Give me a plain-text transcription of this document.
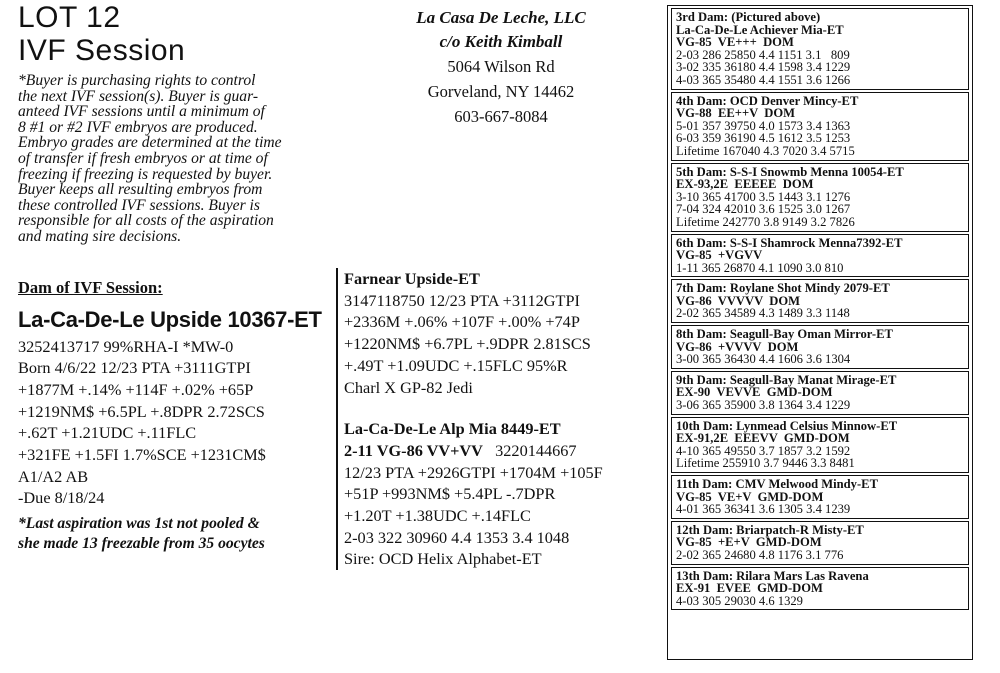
LOT 12
IVF Session
*Buyer is purchasing rights to control
the next IVF session(s). Buyer is guar-
anteed IVF sessions until a minimum of
8 #1 or #2 IVF embryos are produced.
Embryo grades are determined at the time
of transfer if fresh embryos or at time of
freezing if freezing is requested by buyer.
Buyer keeps all resulting embryos from
these controlled IVF sessions. Buyer is
responsible for all costs of the aspiration
and mating sire decisions.
Dam of IVF Session:
La-Ca-De-Le Upside 10367-ET
3252413717 99%RHA-I *MW-0
Born 4/6/22 12/23 PTA +3111GTPI
+1877M +.14% +114F +.02% +65P
+1219NM$ +6.5PL +.8DPR 2.72SCS
+.62T +1.21UDC +.11FLC
+321FE +1.5FI 1.7%SCE +1231CM$
A1/A2 AB
-Due 8/18/24
*Last aspiration was 1st not pooled &
she made 13 freezable from 35 oocytes
La Casa De Leche, LLC
c/o Keith Kimball
5064 Wilson Rd
Gorveland, NY 14462
603-667-8084
Farnear Upside-ET
3147118750 12/23 PTA +3112GTPI
+2336M +.06% +107F +.00% +74P
+1220NM$ +6.7PL +.9DPR 2.81SCS
+.49T +1.09UDC +.15FLC 95%R
Charl X GP-82 Jedi
La-Ca-De-Le Alp Mia 8449-ET
2-11 VG-86 VV+VV   3220144667
12/23 PTA +2926GTPI +1704M +105F
+51P +993NM$ +5.4PL -.7DPR
+1.20T +1.38UDC +.14FLC
2-03 322 30960 4.4 1353 3.4 1048
Sire: OCD Helix Alphabet-ET
3rd Dam: (Pictured above)
La-Ca-De-Le Achiever Mia-ET
VG-85  VE+++  DOM
2-03 286 25850 4.4 1151 3.1   809
3-02 335 36180 4.4 1598 3.4 1229
4-03 365 35480 4.4 1551 3.6 1266
4th Dam: OCD Denver Mincy-ET
VG-88  EE++V  DOM
5-01 357 39750 4.0 1573 3.4 1363
6-03 359 36190 4.5 1612 3.5 1253
Lifetime 167040 4.3 7020 3.4 5715
5th Dam: S-S-I Snowmb Menna 10054-ET
EX-93,2E  EEEEE  DOM
3-10 365 41700 3.5 1443 3.1 1276
7-04 324 42010 3.6 1525 3.0 1267
Lifetime 242770 3.8 9149 3.2 7826
6th Dam: S-S-I Shamrock Menna7392-ET
VG-85  +VGVV
1-11 365 26870 4.1 1090 3.0 810
7th Dam: Roylane Shot Mindy 2079-ET
VG-86  VVVVV  DOM
2-02 365 34589 4.3 1489 3.3 1148
8th Dam: Seagull-Bay Oman Mirror-ET
VG-86  +VVVV  DOM
3-00 365 36430 4.4 1606 3.6 1304
9th Dam: Seagull-Bay Manat Mirage-ET
EX-90  VEVVE  GMD-DOM
3-06 365 35900 3.8 1364 3.4 1229
10th Dam: Lynmead Celsius Minnow-ET
EX-91,2E  EEEVV  GMD-DOM
4-10 365 49550 3.7 1857 3.2 1592
Lifetime 255910 3.7 9446 3.3 8481
11th Dam: CMV Melwood Mindy-ET
VG-85  VE+V  GMD-DOM
4-01 365 36341 3.6 1305 3.4 1239
12th Dam: Briarpatch-R Misty-ET
VG-85  +E+V  GMD-DOM
2-02 365 24680 4.8 1176 3.1 776
13th Dam: Rilara Mars Las Ravena
EX-91  EVEE  GMD-DOM
4-03 305 29030 4.6 1329
